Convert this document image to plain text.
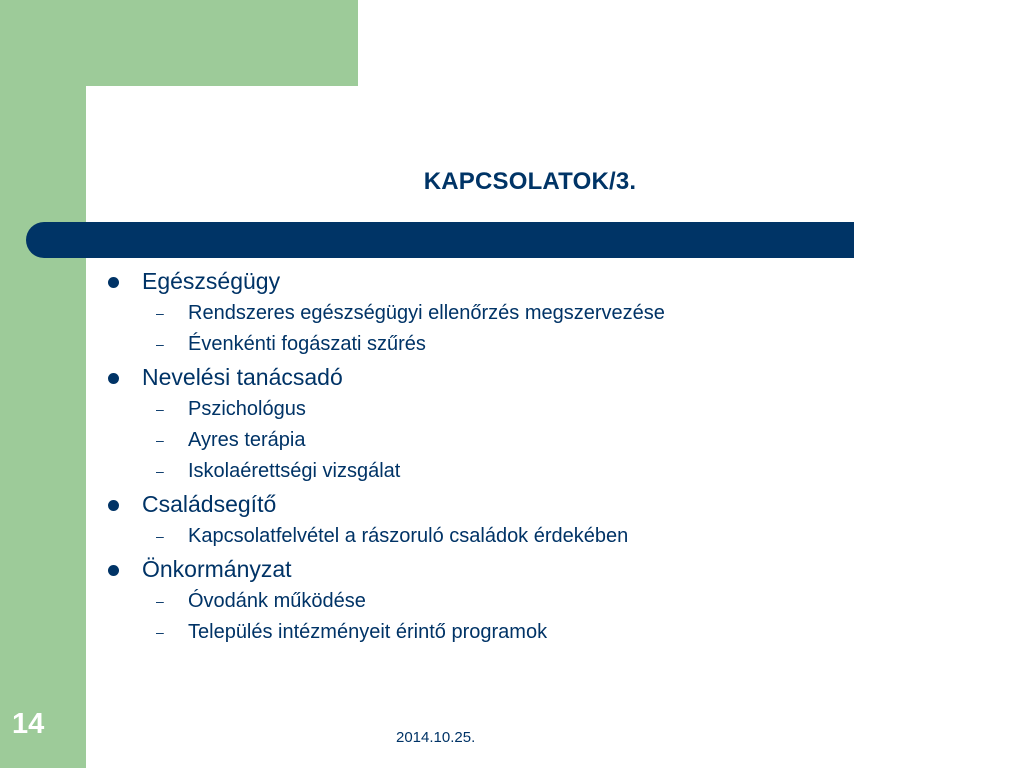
KAPCSOLATOK/3.
Egészségügy
– Rendszeres egészségügyi ellenőrzés megszervezése
– Évenkénti fogászati szűrés
Nevelési tanácsadó
– Pszichológus
– Ayres terápia
– Iskolaérettségi vizsgálat
Családsegítő
– Kapcsolatfelvétel a rászoruló családok érdekében
Önkormányzat
– Óvodánk működése
– Település intézményeit érintő programok
14	2014.10.25.
